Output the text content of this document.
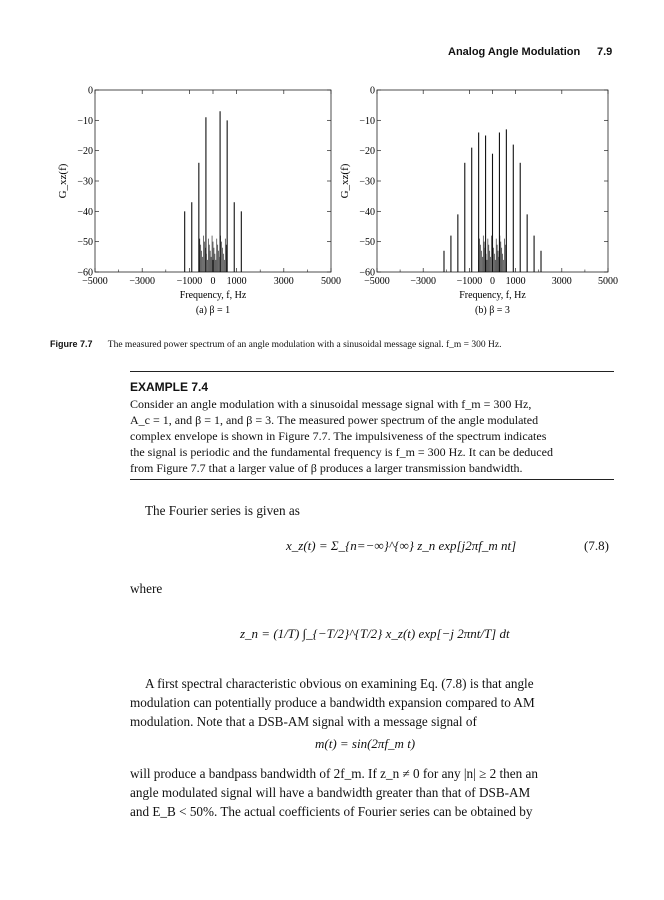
Analog Angle Modulation 7.9
0
−10
−20
−30
−40
−50
−60
−5000 −3000 −1000 0 1000	3000	5000
Frequency, f, Hz
(a) β = 1
G_xz(f)
0
−10
−20
−30
−40
−50
−60
−5000 −3000 −1000 0 1000	3000	5000
Frequency, f, Hz
(b) β = 3
G_xz(f)
Figure 7.7 The measured power spectrum of an angle modulation with a sinusoidal message signal. f_m = 300 Hz.
EXAMPLE 7.4
Consider an angle modulation with a sinusoidal message signal with f_m = 300 Hz,
A_c = 1, and β = 1, and β = 3. The measured power spectrum of the angle modulated
complex envelope is shown in Figure 7.7. The impulsiveness of the spectrum indicates
the signal is periodic and the fundamental frequency is f_m = 300 Hz. It can be deduced
from Figure 7.7 that a larger value of β produces a larger transmission bandwidth.
The Fourier series is given as
x_z(t) = Σ_{n=−∞}^{∞} z_n exp[j2πf_m nt]	(7.8)
where
z_n = (1/T) ∫_{−T/2}^{T/2} x_z(t) exp[−j 2πnt/T] dt
A first spectral characteristic obvious on examining Eq. (7.8) is that angle
modulation can potentially produce a bandwidth expansion compared to AM
modulation. Note that a DSB-AM signal with a message signal of
m(t) = sin(2πf_m t)
will produce a bandpass bandwidth of 2f_m. If z_n ≠ 0 for any |n| ≥ 2 then an
angle modulated signal will have a bandwidth greater than that of DSB-AM
and E_B < 50%. The actual coefficients of Fourier series can be obtained by
